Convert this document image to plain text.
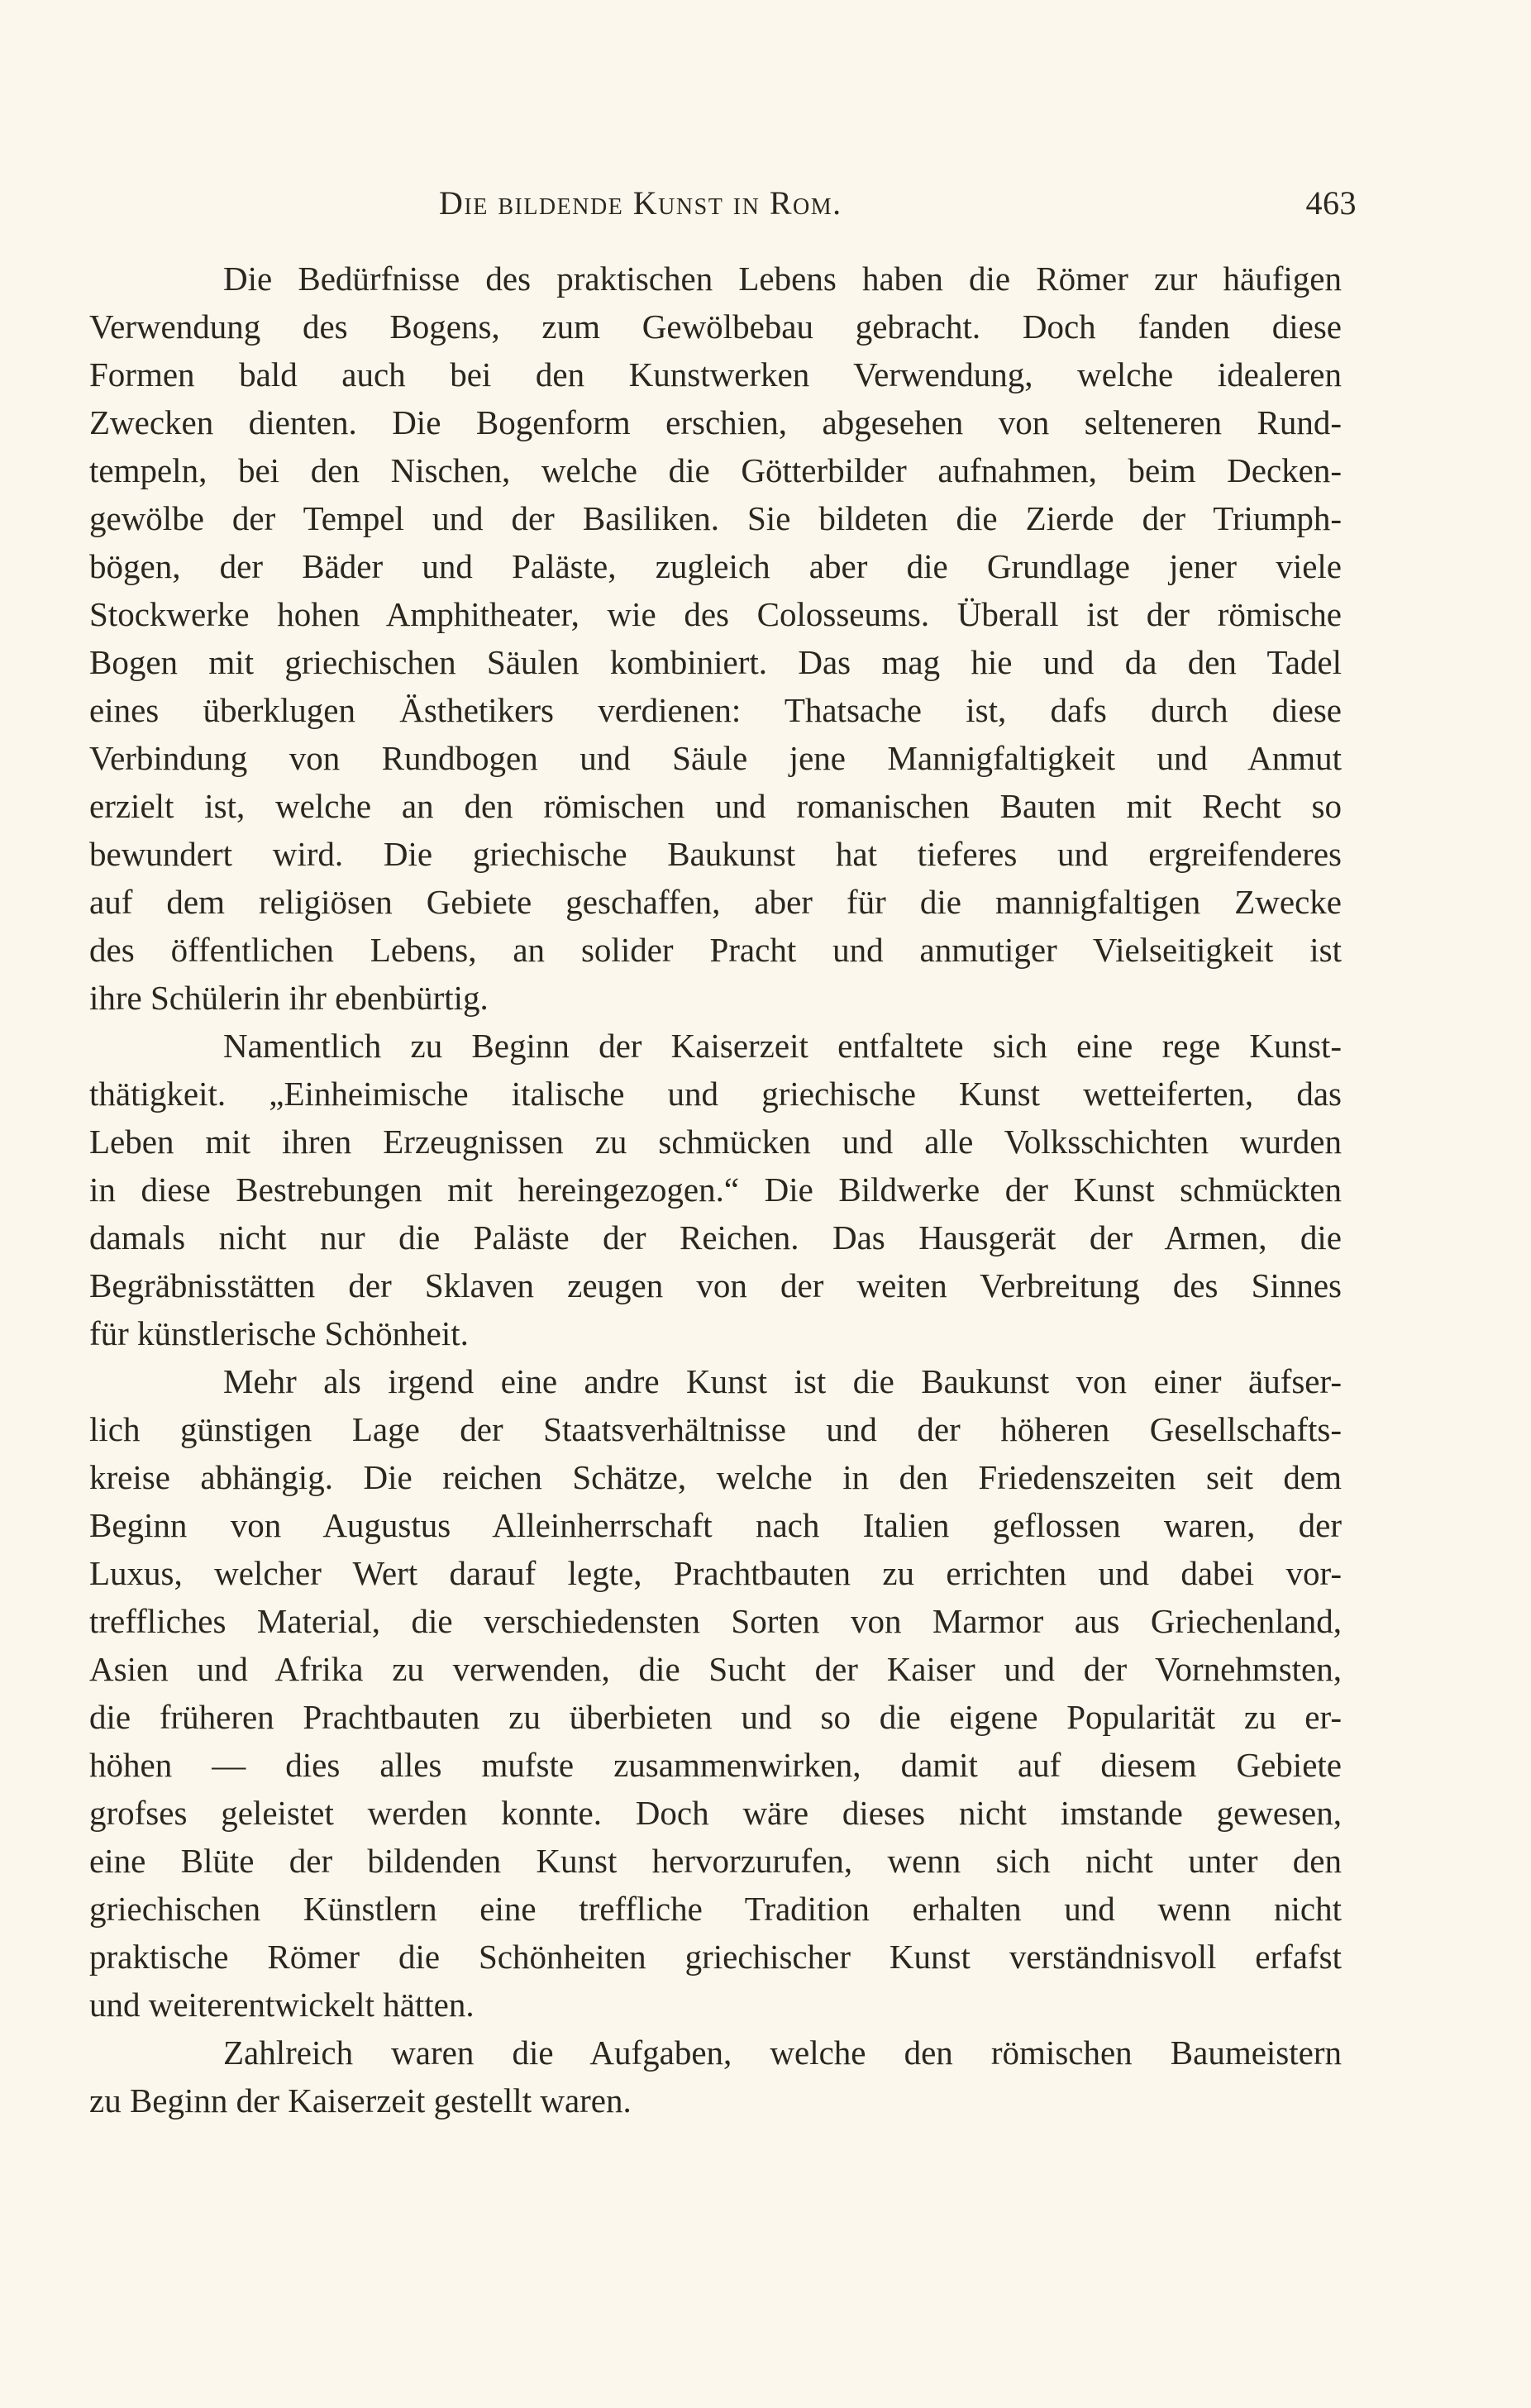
Die bildende Kunst in Rom.	463

Die Bedürfnisse des praktischen Lebens haben die Römer zur häufigen
Verwendung des Bogens, zum Gewölbebau gebracht. Doch fanden diese
Formen bald auch bei den Kunstwerken Verwendung, welche idealeren
Zwecken dienten. Die Bogenform erschien, abgesehen von selteneren Rund-
tempeln, bei den Nischen, welche die Götterbilder aufnahmen, beim Decken-
gewölbe der Tempel und der Basiliken. Sie bildeten die Zierde der Triumph-
bögen, der Bäder und Paläste, zugleich aber die Grundlage jener viele
Stockwerke hohen Amphitheater, wie des Colosseums. Überall ist der römische
Bogen mit griechischen Säulen kombiniert. Das mag hie und da den Tadel
eines überklugen Ästhetikers verdienen: Thatsache ist, dafs durch diese
Verbindung von Rundbogen und Säule jene Mannigfaltigkeit und Anmut
erzielt ist, welche an den römischen und romanischen Bauten mit Recht so
bewundert wird. Die griechische Baukunst hat tieferes und ergreifenderes
auf dem religiösen Gebiete geschaffen, aber für die mannigfaltigen Zwecke
des öffentlichen Lebens, an solider Pracht und anmutiger Vielseitigkeit ist
ihre Schülerin ihr ebenbürtig.

Namentlich zu Beginn der Kaiserzeit entfaltete sich eine rege Kunst-
thätigkeit. „Einheimische italische und griechische Kunst wetteiferten, das
Leben mit ihren Erzeugnissen zu schmücken und alle Volksschichten wurden
in diese Bestrebungen mit hereingezogen.“ Die Bildwerke der Kunst schmückten
damals nicht nur die Paläste der Reichen. Das Hausgerät der Armen, die
Begräbnisstätten der Sklaven zeugen von der weiten Verbreitung des Sinnes
für künstlerische Schönheit.

Mehr als irgend eine andre Kunst ist die Baukunst von einer äufser-
lich günstigen Lage der Staatsverhältnisse und der höheren Gesellschafts-
kreise abhängig. Die reichen Schätze, welche in den Friedenszeiten seit dem
Beginn von Augustus Alleinherrschaft nach Italien geflossen waren, der
Luxus, welcher Wert darauf legte, Prachtbauten zu errichten und dabei vor-
treffliches Material, die verschiedensten Sorten von Marmor aus Griechenland,
Asien und Afrika zu verwenden, die Sucht der Kaiser und der Vornehmsten,
die früheren Prachtbauten zu überbieten und so die eigene Popularität zu er-
höhen — dies alles mufste zusammenwirken, damit auf diesem Gebiete
grofses geleistet werden konnte. Doch wäre dieses nicht imstande gewesen,
eine Blüte der bildenden Kunst hervorzurufen, wenn sich nicht unter den
griechischen Künstlern eine treffliche Tradition erhalten und wenn nicht
praktische Römer die Schönheiten griechischer Kunst verständnisvoll erfafst
und weiterentwickelt hätten.

Zahlreich waren die Aufgaben, welche den römischen Baumeistern
zu Beginn der Kaiserzeit gestellt waren.
